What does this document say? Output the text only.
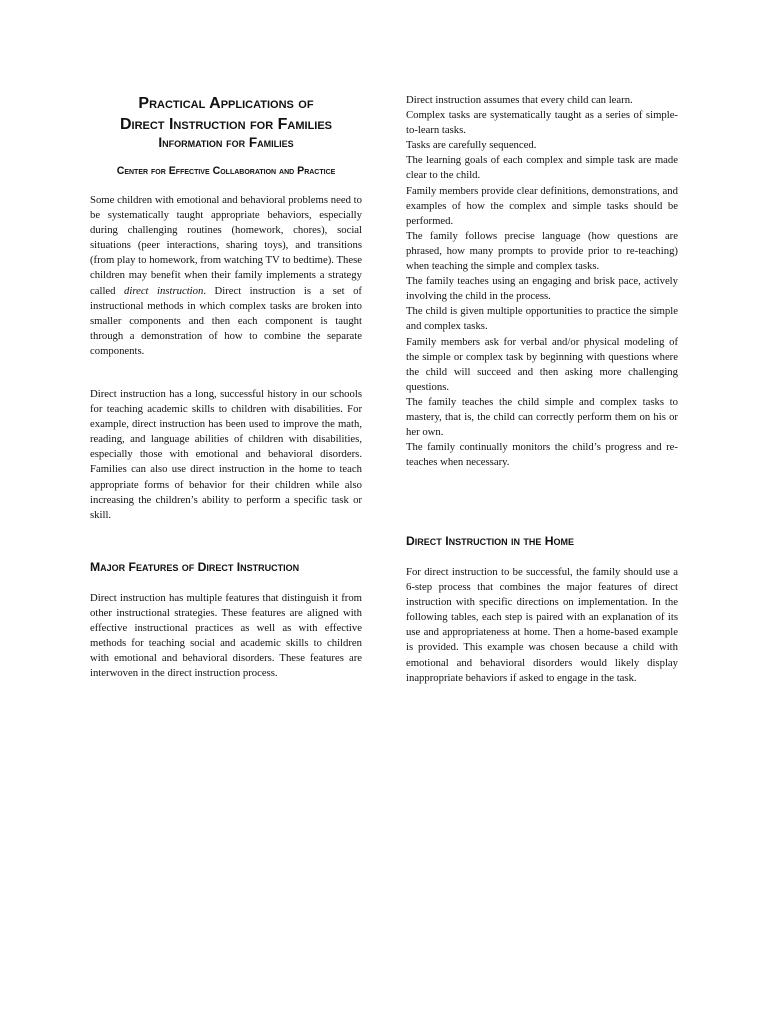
Practical Applications of
Direct Instruction for Families
Information for Families

Center for Effective Collaboration and Practice

Some children with emotional and behavioral problems need to be systematically taught appropriate behaviors, especially during challenging routines (homework, chores), social situations (peer interactions, sharing toys), and transitions (from play to homework, from watching TV to bedtime). These children may benefit when their family implements a strategy called direct instruction. Direct instruction is a set of instructional methods in which complex tasks are broken into smaller components and then each component is taught through a demonstration of how to combine the separate components.

Direct instruction has a long, successful history in our schools for teaching academic skills to children with disabilities. For example, direct instruction has been used to improve the math, reading, and language abilities of children with disabilities, especially those with emotional and behavioral disorders. Families can also use direct instruction in the home to teach appropriate forms of behavior for their children while also increasing the children’s ability to perform a specific task or skill.

Major Features of Direct Instruction

Direct instruction has multiple features that distinguish it from other instructional strategies. These features are aligned with effective instructional practices as well as with effective methods for teaching social and academic skills to children with emotional and behavioral disorders. These features are interwoven in the direct instruction process.

Direct instruction assumes that every child can learn.
Complex tasks are systematically taught as a series of simple-to-learn tasks.
Tasks are carefully sequenced.
The learning goals of each complex and simple task are made clear to the child.
Family members provide clear definitions, demonstrations, and examples of how the complex and simple tasks should be performed.
The family follows precise language (how questions are phrased, how many prompts to provide prior to re-teaching) when teaching the simple and complex tasks.
The family teaches using an engaging and brisk pace, actively involving the child in the process.
The child is given multiple opportunities to practice the simple and complex tasks.
Family members ask for verbal and/or physical modeling of the simple or complex task by beginning with questions where the child will succeed and then asking more challenging questions.
The family teaches the child simple and complex tasks to mastery, that is, the child can correctly perform them on his or her own.
The family continually monitors the child’s progress and re-teaches when necessary.
Direct Instruction in the Home

For direct instruction to be successful, the family should use a 6-step process that combines the major features of direct instruction with specific directions on implementation. In the following tables, each step is paired with an explanation of its use and appropriateness at home. Then a home-based example is provided. This example was chosen because a child with emotional and behavioral disorders would likely display inappropriate behaviors if asked to engage in the task.
